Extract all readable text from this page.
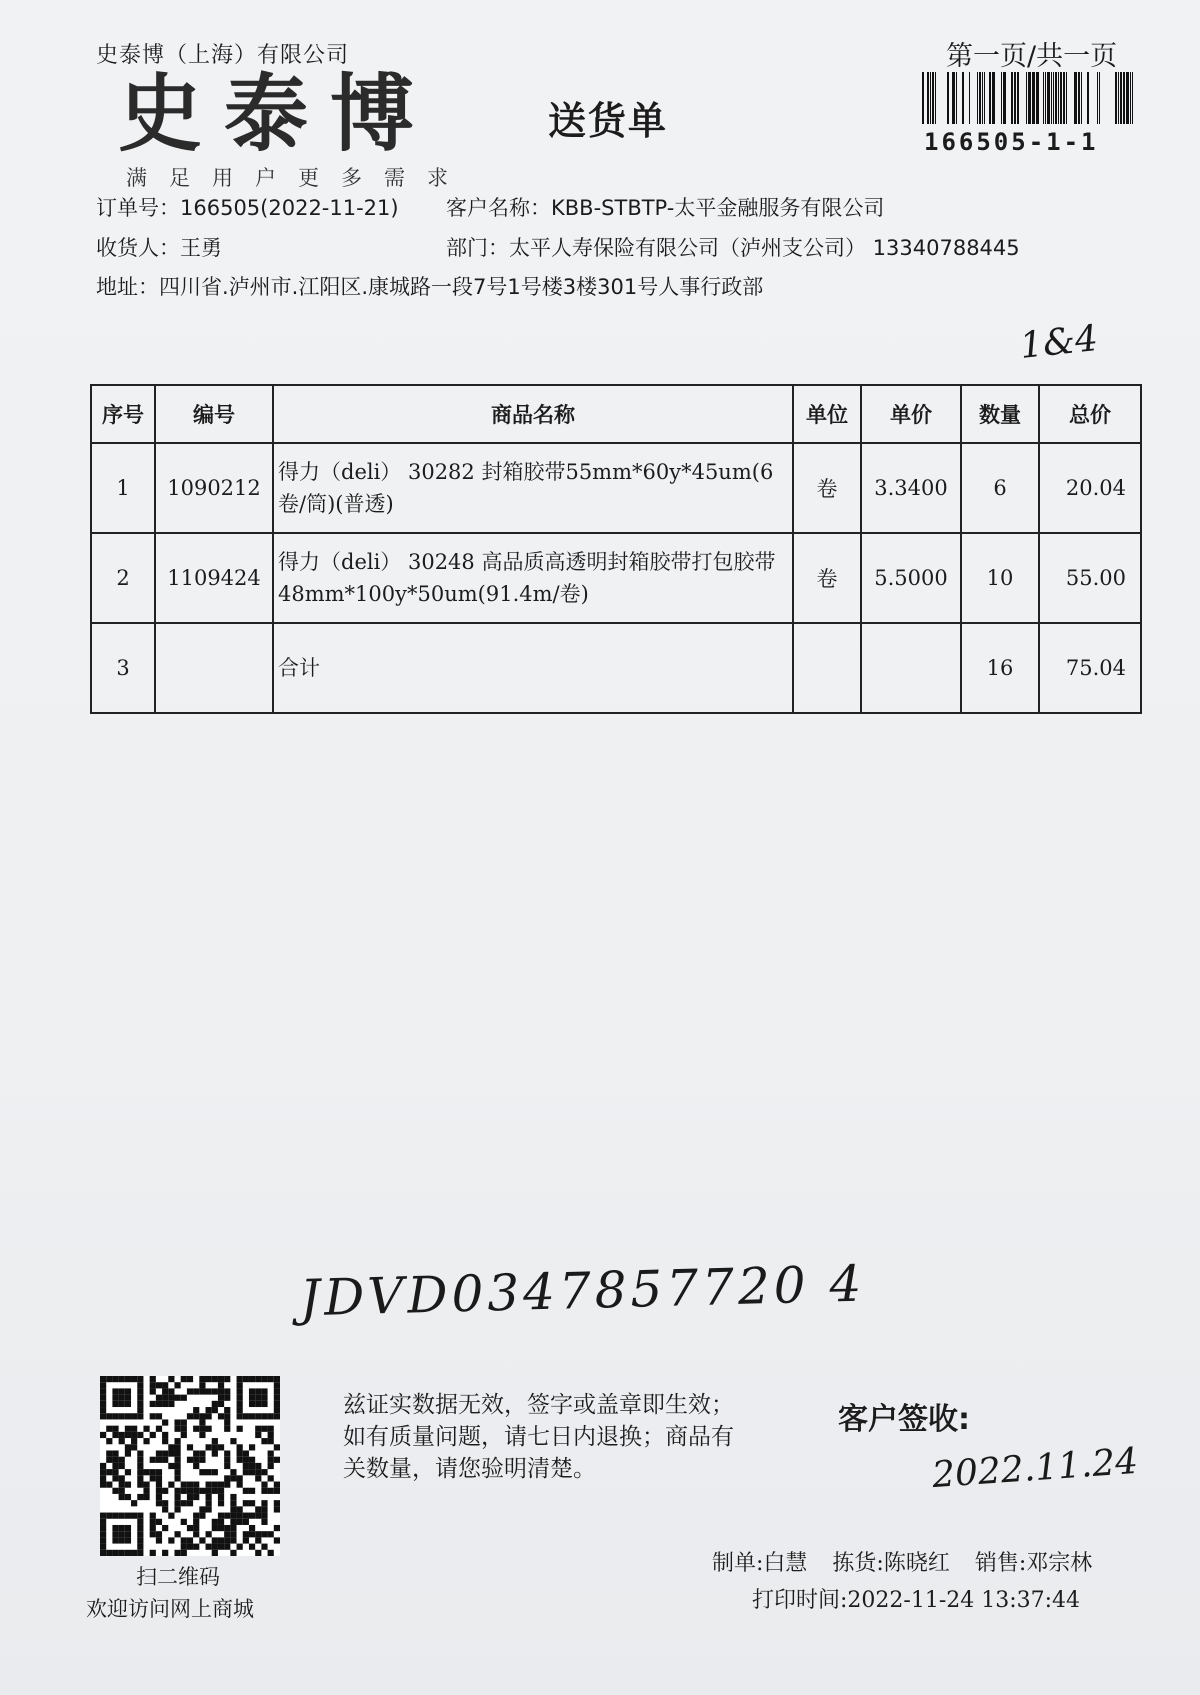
史泰博（上海）有限公司
史泰博
满足用户更多需求
送货单
第一页/共一页
166505-1-1
订单号：166505(2022-11-21) 客户名称：KBB-STBTP-太平金融服务有限公司
收货人：王勇	部门：太平人寿保险有限公司（泸州支公司） 13340788445
地址：四川省.泸州市.江阳区.康城路一段7号1号楼3楼301号人事行政部
1&4
序号	编号	商品名称	单位	单价	数量	总价
1	1090212	得力（deli） 30282 封箱胶带55mm*60y*45um(6卷/筒)(普透)	卷	3.3400	6	20.04
2	1109424	得力（deli） 30248 高品质高透明封箱胶带打包胶带48mm*100y*50um(91.4m/卷)	卷	5.5000	10	55.00
3		合计			16	75.04
JDVD0347857720 4
扫二维码
欢迎访问网上商城
兹证实数据无效，签字或盖章即生效；如有质量问题，请七日内退换；商品有关数量，请您验明清楚。
客户签收:
2022.11.24
制单:白慧 拣货:陈晓红 销售:邓宗林
打印时间:2022-11-24 13:37:44
